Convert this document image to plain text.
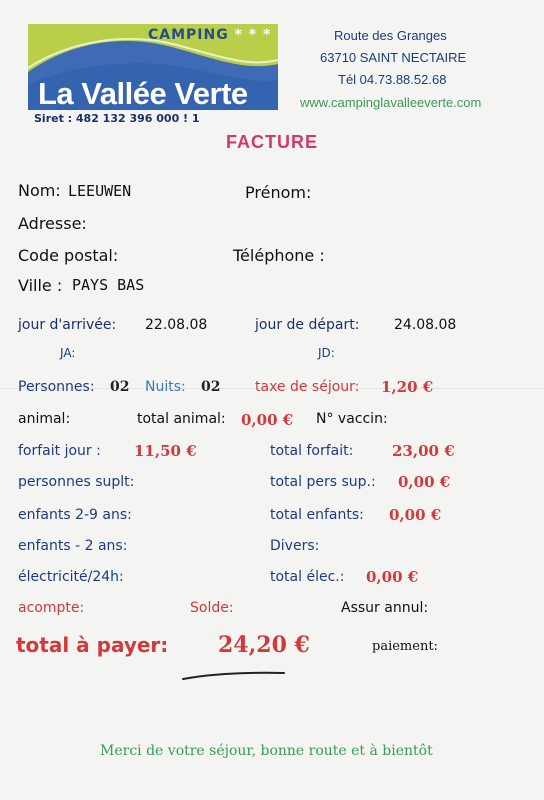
CAMPING * * *
La Vallée Verte
Siret : 482 132 396 000 ! 1
Route des Granges
63710 SAINT NECTAIRE
Tél 04.73.88.52.68
www.campinglavalleeverte.com
FACTURE
Nom: LEEUWEN	Prénom:
Adresse:
Code postal:	Téléphone :
Ville : PAYS BAS
jour d'arrivée: 22.08.08	jour de départ: 24.08.08
JA:	JD:
Personnes: 02 Nuits: 02 taxe de séjour: 1,20 €
animal:	total animal: 0,00 € N° vaccin:
forfait jour : 11,50 €	total forfait:	23,00 €
personnes suplt:	total pers sup.: 0,00 €
enfants 2-9 ans:	total enfants: 0,00 €
enfants - 2 ans:	Divers:
électricité/24h:	total élec.: 0,00 €
acompte:	Solde:	Assur annul:
total à payer: 24,20 €	paiement:
Merci de votre séjour, bonne route et à bientôt
